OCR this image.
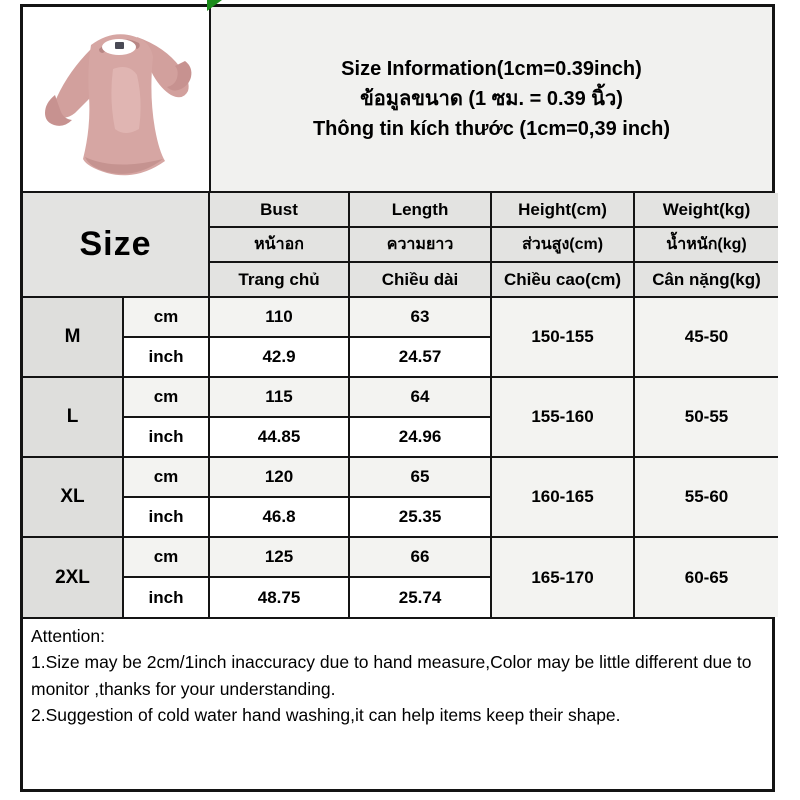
Size Information(1cm=0.39inch)
ข้อมูลขนาด (1 ซม. = 0.39 นิ้ว)
Thông tin kích thước (1cm=0,39 inch)
Size		Bust	Length	Height(cm)	Weight(kg)
		หน้าอก	ความยาว	ส่วนสูง(cm)	น้ำหนัก(kg)
		Trang chủ	Chiều dài	Chiều cao(cm)	Cân nặng(kg)
M	cm	110	63	150-155	45-50
	inch	42.9	24.57		
L	cm	115	64	155-160	50-55
	inch	44.85	24.96		
XL	cm	120	65	160-165	55-60
	inch	46.8	25.35		
2XL	cm	125	66	165-170	60-65
	inch	48.75	25.74		

Attention:

1.Size may be 2cm/1inch inaccuracy due to hand measure,Color may be little different due to monitor ,thanks for your understanding.

2.Suggestion of cold water hand washing,it can help items keep their shape.
